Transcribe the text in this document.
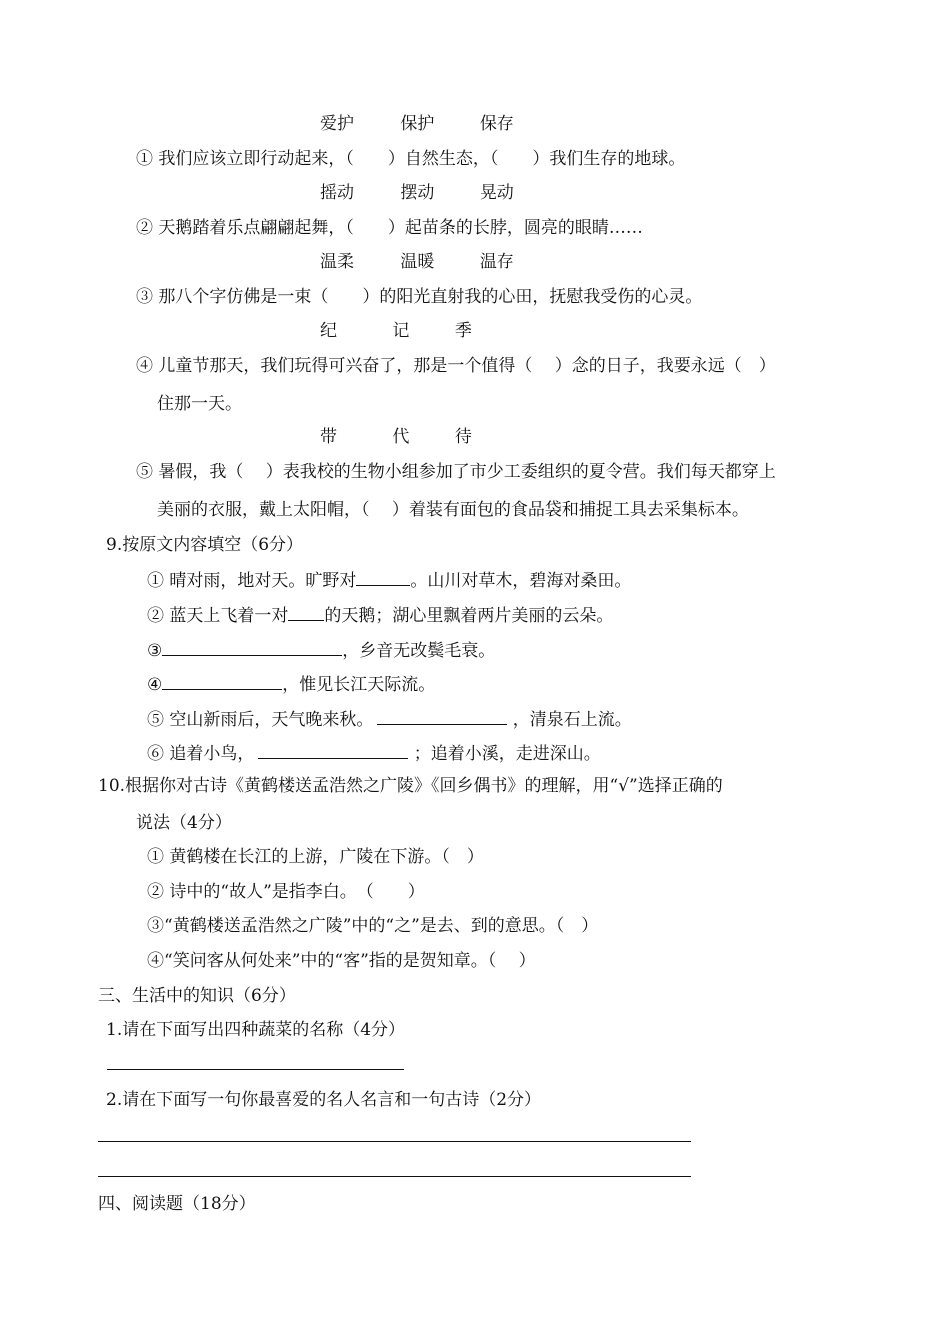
爱护	保护	保存
① 我们应该立即行动起来，（　　）自然生态，（　　）我们生存的地球。
摇动	摆动	晃动
② 天鹅踏着乐点翩翩起舞，（　　）起苗条的长脖，圆亮的眼睛……
温柔	温暖	温存
③ 那八个字仿佛是一束（　　）的阳光直射我的心田，抚慰我受伤的心灵。
纪	记	季
④ 儿童节那天，我们玩得可兴奋了，那是一个值得（　 ）念的日子，我要永远（　）
住那一天。
带	代	待
⑤ 暑假，我（　 ）表我校的生物小组参加了市少工委组织的夏令营。我们每天都穿上
美丽的衣服，戴上太阳帽，（　 ）着装有面包的食品袋和捕捉工具去采集标本。
9.按原文内容填空（6分）
① 晴对雨，地对天。旷野对	。山川对草木，碧海对桑田。
② 蓝天上飞着一对 的天鹅；湖心里飘着两片美丽的云朵。
③	，乡音无改鬓毛衰。
④	，惟见长江天际流。
⑤ 空山新雨后，天气晚来秋。	，清泉石上流。
⑥ 追着小鸟，	；追着小溪，走进深山。
10.根据你对古诗《黄鹤楼送孟浩然之广陵》《回乡偶书》的理解，用“√”选择正确的
说法（4分）
① 黄鹤楼在长江的上游，广陵在下游。（　）
② 诗中的“故人”是指李白。　（　　）
③“黄鹤楼送孟浩然之广陵”中的“之”是去、到的意思。（　）
④“笑问客从何处来”中的“客”指的是贺知章。（　 ）
三、生活中的知识（6分）
1.请在下面写出四种蔬菜的名称（4分）
2.请在下面写一句你最喜爱的名人名言和一句古诗（2分）
四、阅读题（18分）
